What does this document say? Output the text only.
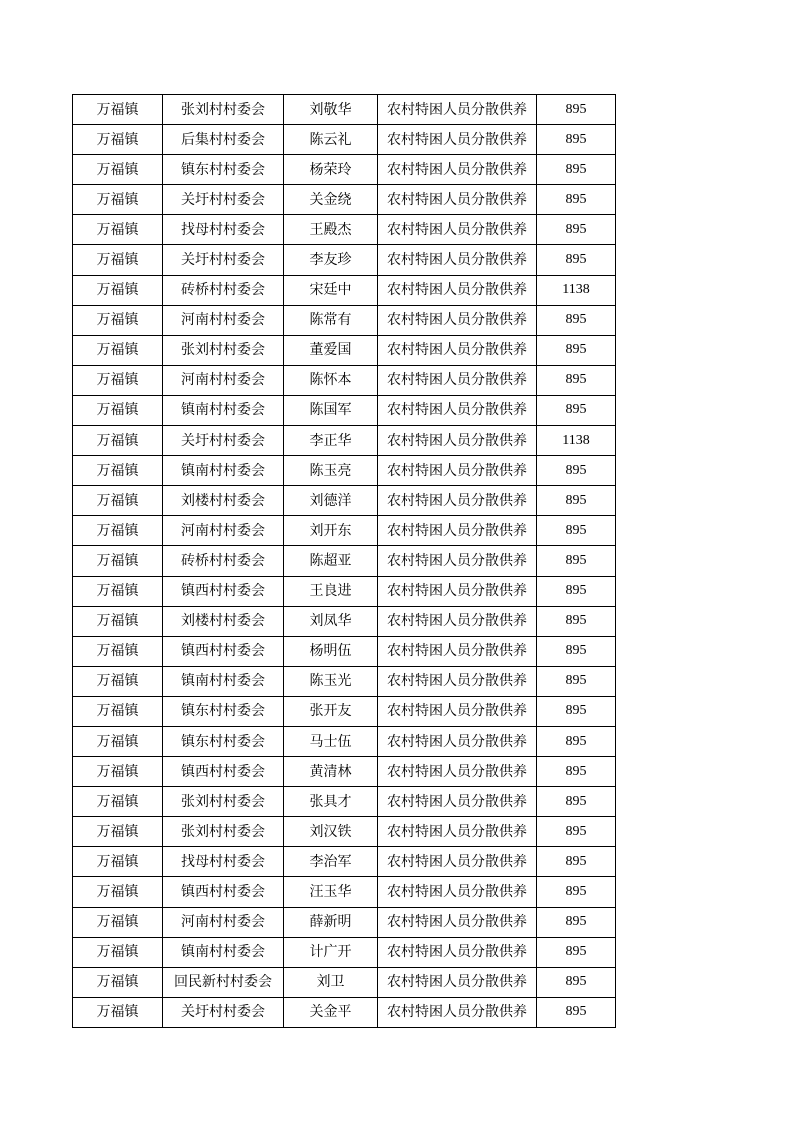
万福镇	张刘村村委会	刘敬华	农村特困人员分散供养	895
万福镇	后集村村委会	陈云礼	农村特困人员分散供养	895
万福镇	镇东村村委会	杨荣玲	农村特困人员分散供养	895
万福镇	关圩村村委会	关金绕	农村特困人员分散供养	895
万福镇	找母村村委会	王殿杰	农村特困人员分散供养	895
万福镇	关圩村村委会	李友珍	农村特困人员分散供养	895
万福镇	砖桥村村委会	宋廷中	农村特困人员分散供养	1138
万福镇	河南村村委会	陈常有	农村特困人员分散供养	895
万福镇	张刘村村委会	董爱国	农村特困人员分散供养	895
万福镇	河南村村委会	陈怀本	农村特困人员分散供养	895
万福镇	镇南村村委会	陈国军	农村特困人员分散供养	895
万福镇	关圩村村委会	李正华	农村特困人员分散供养	1138
万福镇	镇南村村委会	陈玉亮	农村特困人员分散供养	895
万福镇	刘楼村村委会	刘德洋	农村特困人员分散供养	895
万福镇	河南村村委会	刘开东	农村特困人员分散供养	895
万福镇	砖桥村村委会	陈超亚	农村特困人员分散供养	895
万福镇	镇西村村委会	王良进	农村特困人员分散供养	895
万福镇	刘楼村村委会	刘凤华	农村特困人员分散供养	895
万福镇	镇西村村委会	杨明伍	农村特困人员分散供养	895
万福镇	镇南村村委会	陈玉光	农村特困人员分散供养	895
万福镇	镇东村村委会	张开友	农村特困人员分散供养	895
万福镇	镇东村村委会	马士伍	农村特困人员分散供养	895
万福镇	镇西村村委会	黄清林	农村特困人员分散供养	895
万福镇	张刘村村委会	张具才	农村特困人员分散供养	895
万福镇	张刘村村委会	刘汉铁	农村特困人员分散供养	895
万福镇	找母村村委会	李治军	农村特困人员分散供养	895
万福镇	镇西村村委会	汪玉华	农村特困人员分散供养	895
万福镇	河南村村委会	薛新明	农村特困人员分散供养	895
万福镇	镇南村村委会	计广开	农村特困人员分散供养	895
万福镇	回民新村村委会	刘卫	农村特困人员分散供养	895
万福镇	关圩村村委会	关金平	农村特困人员分散供养	895
